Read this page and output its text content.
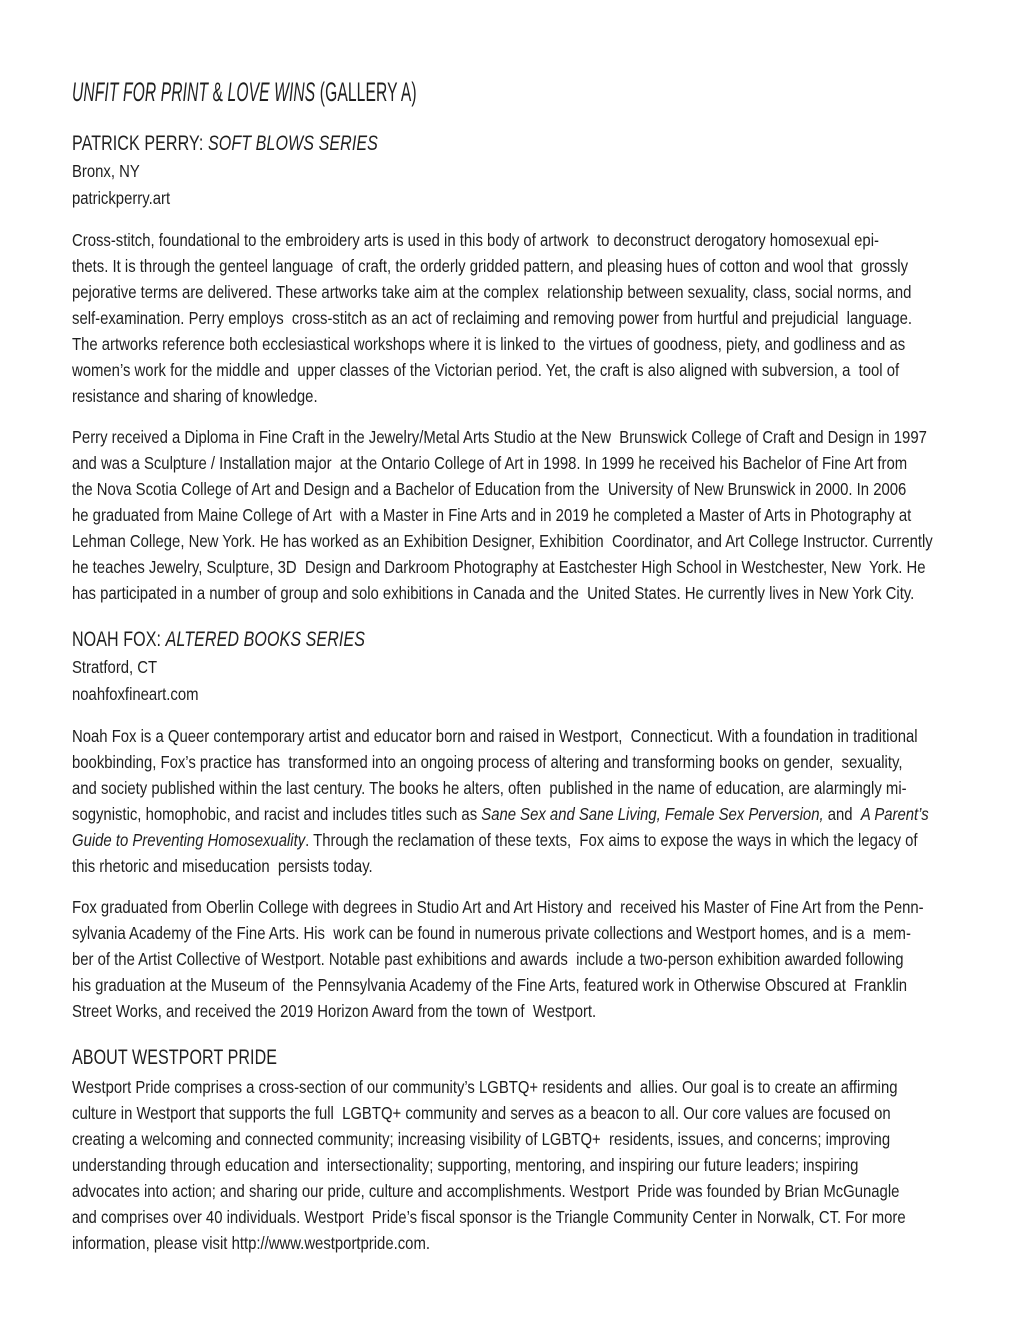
UNFIT FOR PRINT & LOVE WINS (GALLERY A)
PATRICK PERRY: SOFT BLOWS SERIES
Bronx, NY
patrickperry.art

Cross-stitch, foundational to the embroidery arts is used in this body of artwork  to deconstruct derogatory homosexual epi-
thets. It is through the genteel language  of craft, the orderly gridded pattern, and pleasing hues of cotton and wool that  grossly
pejorative terms are delivered. These artworks take aim at the complex  relationship between sexuality, class, social norms, and
self-examination. Perry employs  cross-stitch as an act of reclaiming and removing power from hurtful and prejudicial  language.
The artworks reference both ecclesiastical workshops where it is linked to  the virtues of goodness, piety, and godliness and as
women’s work for the middle and  upper classes of the Victorian period. Yet, the craft is also aligned with subversion, a  tool of
resistance and sharing of knowledge.

Perry received a Diploma in Fine Craft in the Jewelry/Metal Arts Studio at the New  Brunswick College of Craft and Design in 1997
and was a Sculpture / Installation major  at the Ontario College of Art in 1998. In 1999 he received his Bachelor of Fine Art from
the Nova Scotia College of Art and Design and a Bachelor of Education from the  University of New Brunswick in 2000. In 2006
he graduated from Maine College of Art  with a Master in Fine Arts and in 2019 he completed a Master of Arts in Photography at
Lehman College, New York. He has worked as an Exhibition Designer, Exhibition  Coordinator, and Art College Instructor. Currently
he teaches Jewelry, Sculpture, 3D  Design and Darkroom Photography at Eastchester High School in Westchester, New  York. He
has participated in a number of group and solo exhibitions in Canada and the  United States. He currently lives in New York City.

NOAH FOX: ALTERED BOOKS SERIES
Stratford, CT
noahfoxfineart.com

Noah Fox is a Queer contemporary artist and educator born and raised in Westport,  Connecticut. With a foundation in traditional
bookbinding, Fox’s practice has  transformed into an ongoing process of altering and transforming books on gender,  sexuality,
and society published within the last century. The books he alters, often  published in the name of education, are alarmingly mi-
sogynistic, homophobic, and racist and includes titles such as Sane Sex and Sane Living, Female Sex Perversion, and  A Parent’s
Guide to Preventing Homosexuality. Through the reclamation of these texts,  Fox aims to expose the ways in which the legacy of
this rhetoric and miseducation  persists today.

Fox graduated from Oberlin College with degrees in Studio Art and Art History and  received his Master of Fine Art from the Penn-
sylvania Academy of the Fine Arts. His  work can be found in numerous private collections and Westport homes, and is a  mem-
ber of the Artist Collective of Westport. Notable past exhibitions and awards  include a two-person exhibition awarded following
his graduation at the Museum of  the Pennsylvania Academy of the Fine Arts, featured work in Otherwise Obscured at  Franklin
Street Works, and received the 2019 Horizon Award from the town of  Westport.

ABOUT WESTPORT PRIDE

Westport Pride comprises a cross-section of our community’s LGBTQ+ residents and  allies. Our goal is to create an affirming
culture in Westport that supports the full  LGBTQ+ community and serves as a beacon to all. Our core values are focused on
creating a welcoming and connected community; increasing visibility of LGBTQ+  residents, issues, and concerns; improving
understanding through education and  intersectionality; supporting, mentoring, and inspiring our future leaders; inspiring
advocates into action; and sharing our pride, culture and accomplishments. Westport  Pride was founded by Brian McGunagle
and comprises over 40 individuals. Westport  Pride’s fiscal sponsor is the Triangle Community Center in Norwalk, CT. For more
information, please visit http://www.westportpride.com.
